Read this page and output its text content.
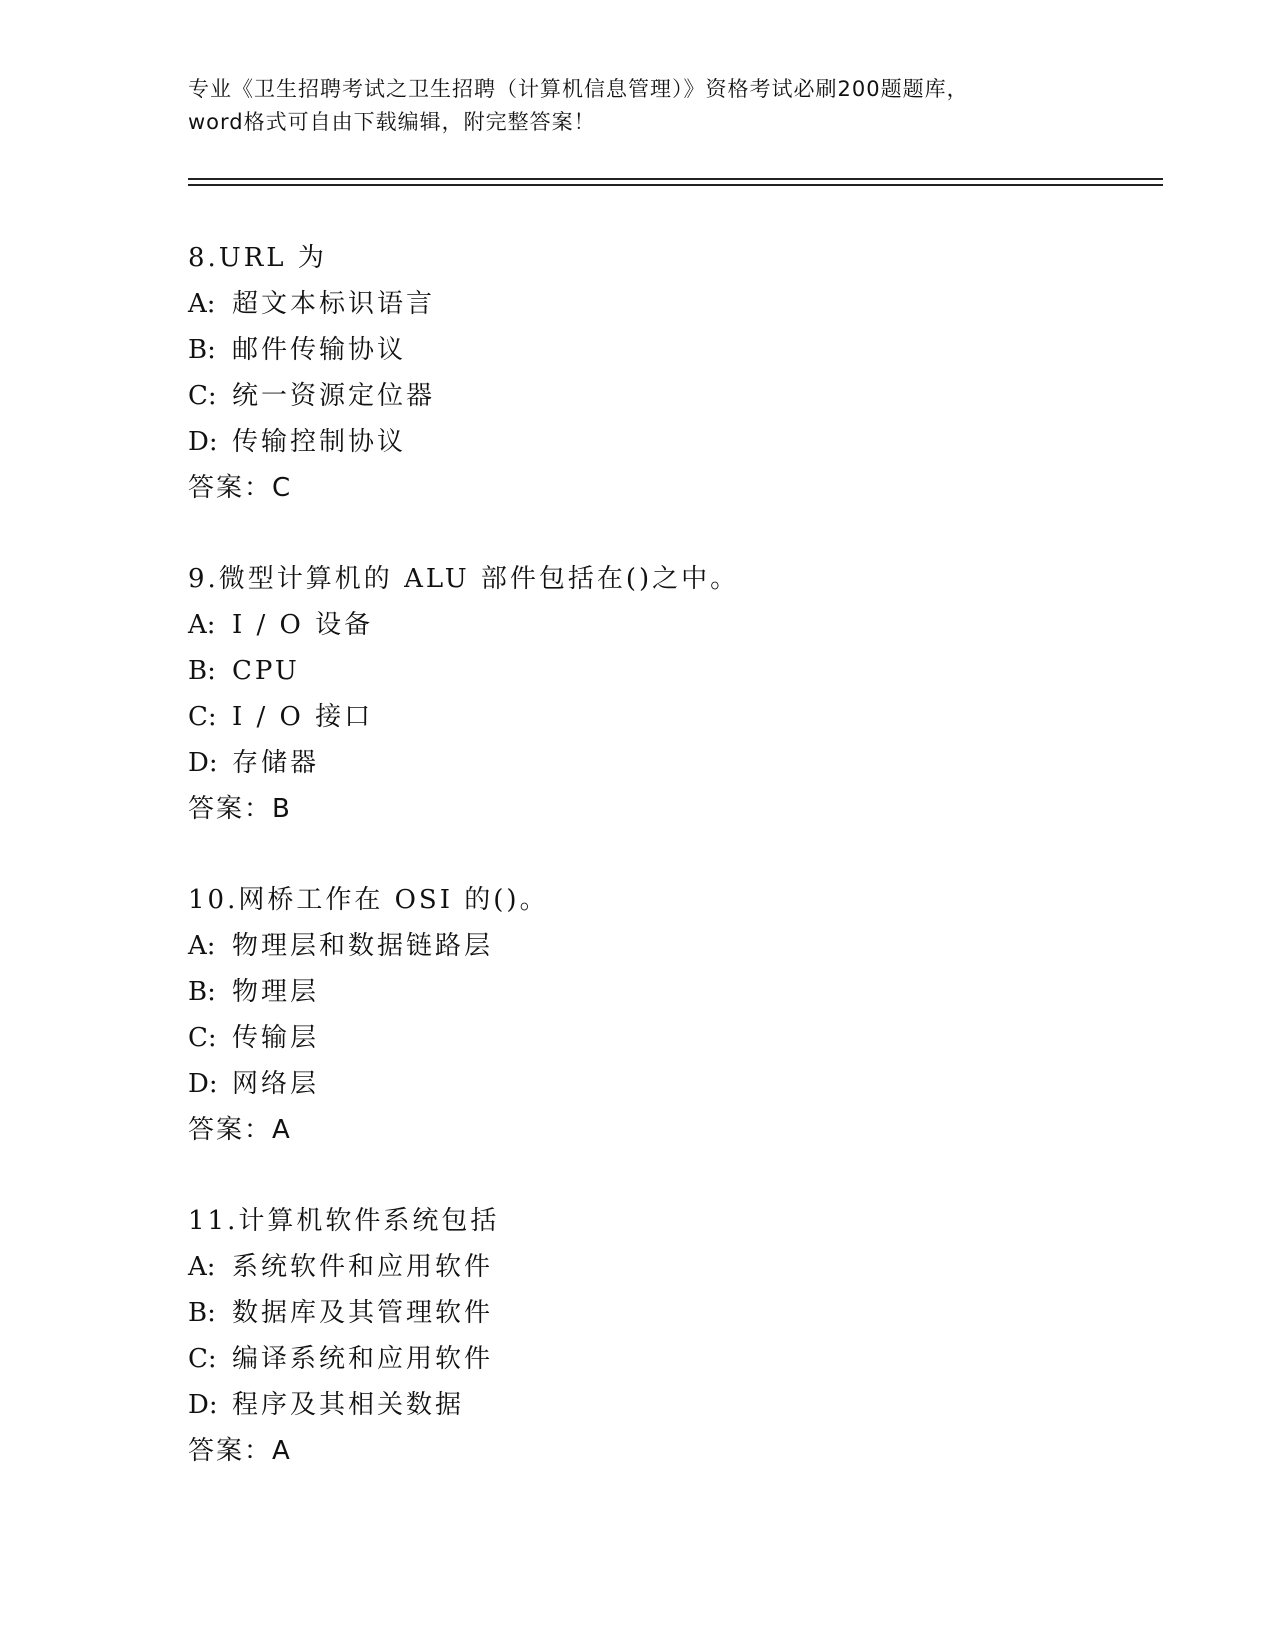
专业《卫生招聘考试之卫生招聘（计算机信息管理）》资格考试必刷200题题库，
word格式可自由下载编辑，附完整答案！
8.URL 为
A: 超文本标识语言
B: 邮件传输协议
C: 统一资源定位器
D: 传输控制协议
答案：C
9.微型计算机的 ALU 部件包括在()之中。
A: I / O 设备
B: CPU
C: I / O 接口
D: 存储器
答案：B
10.网桥工作在 OSI 的()。
A: 物理层和数据链路层
B: 物理层
C: 传输层
D: 网络层
答案：A
11.计算机软件系统包括
A: 系统软件和应用软件
B: 数据库及其管理软件
C: 编译系统和应用软件
D: 程序及其相关数据
答案：A
